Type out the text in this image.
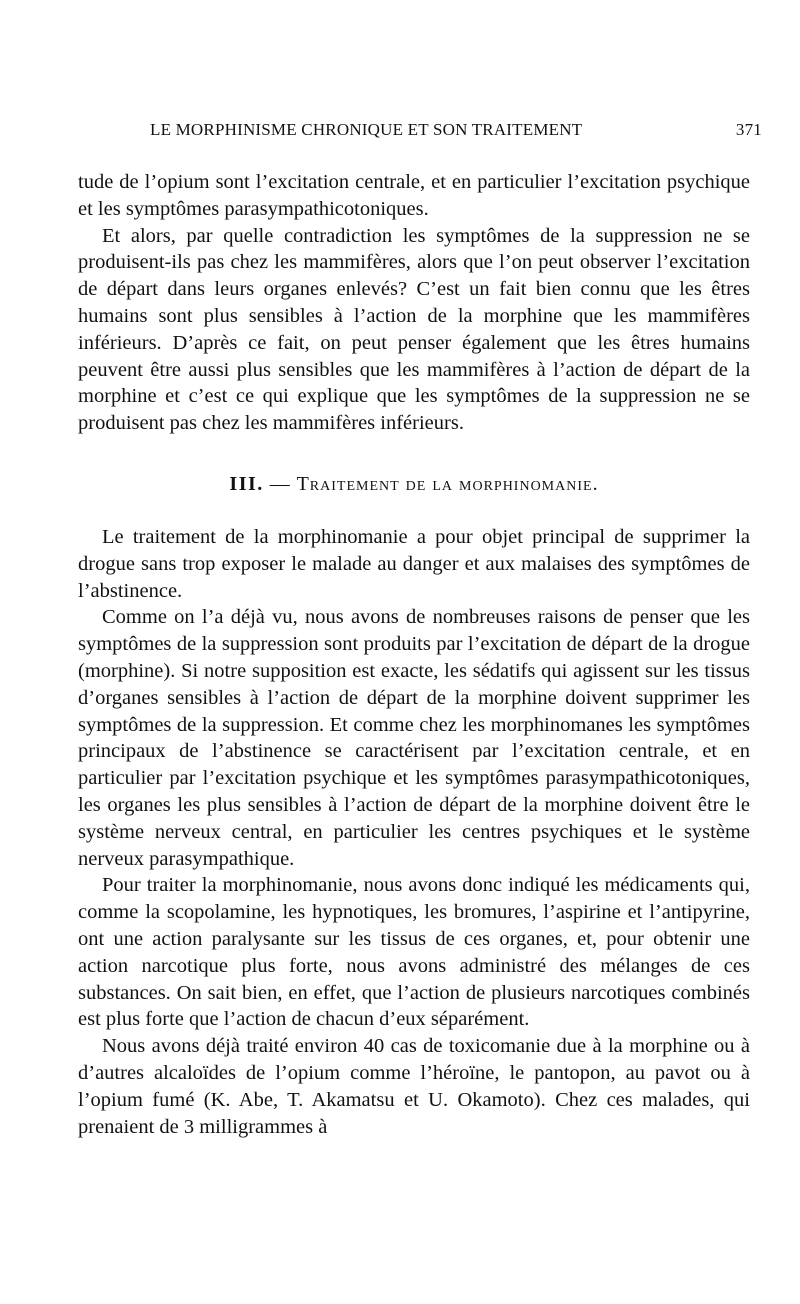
LE MORPHINISME CHRONIQUE ET SON TRAITEMENT	371

tude de l’opium sont l’excitation centrale, et en particulier l’excitation psychique et les symptômes parasympathicotoniques.

Et alors, par quelle contradiction les symptômes de la suppression ne se produisent-ils pas chez les mammifères, alors que l’on peut observer l’excitation de départ dans leurs organes enlevés? C’est un fait bien connu que les êtres humains sont plus sensibles à l’action de la morphine que les mammifères inférieurs. D’après ce fait, on peut penser également que les êtres humains peuvent être aussi plus sensibles que les mammifères à l’action de départ de la morphine et c’est ce qui explique que les symptômes de la suppression ne se produisent pas chez les mammifères inférieurs.

III. — Traitement de la morphinomanie.

Le traitement de la morphinomanie a pour objet principal de supprimer la drogue sans trop exposer le malade au danger et aux malaises des symptômes de l’abstinence.

Comme on l’a déjà vu, nous avons de nombreuses raisons de penser que les symptômes de la suppression sont produits par l’excitation de départ de la drogue (morphine). Si notre supposition est exacte, les sédatifs qui agissent sur les tissus d’organes sensibles à l’action de départ de la morphine doivent supprimer les symptômes de la suppression. Et comme chez les morphinomanes les symptômes principaux de l’abstinence se caractérisent par l’excitation centrale, et en particulier par l’excitation psychique et les symptômes parasympathicotoniques, les organes les plus sensibles à l’action de départ de la morphine doivent être le système nerveux central, en particulier les centres psychiques et le système nerveux parasympathique.

Pour traiter la morphinomanie, nous avons donc indiqué les médicaments qui, comme la scopolamine, les hypnotiques, les bromures, l’aspirine et l’antipyrine, ont une action paralysante sur les tissus de ces organes, et, pour obtenir une action narcotique plus forte, nous avons administré des mélanges de ces substances. On sait bien, en effet, que l’action de plusieurs narcotiques combinés est plus forte que l’action de chacun d’eux séparément.

Nous avons déjà traité environ 40 cas de toxicomanie due à la morphine ou à d’autres alcaloïdes de l’opium comme l’héroïne, le pantopon, au pavot ou à l’opium fumé (K. Abe, T. Akamatsu et U. Okamoto). Chez ces malades, qui prenaient de 3 milligrammes à
